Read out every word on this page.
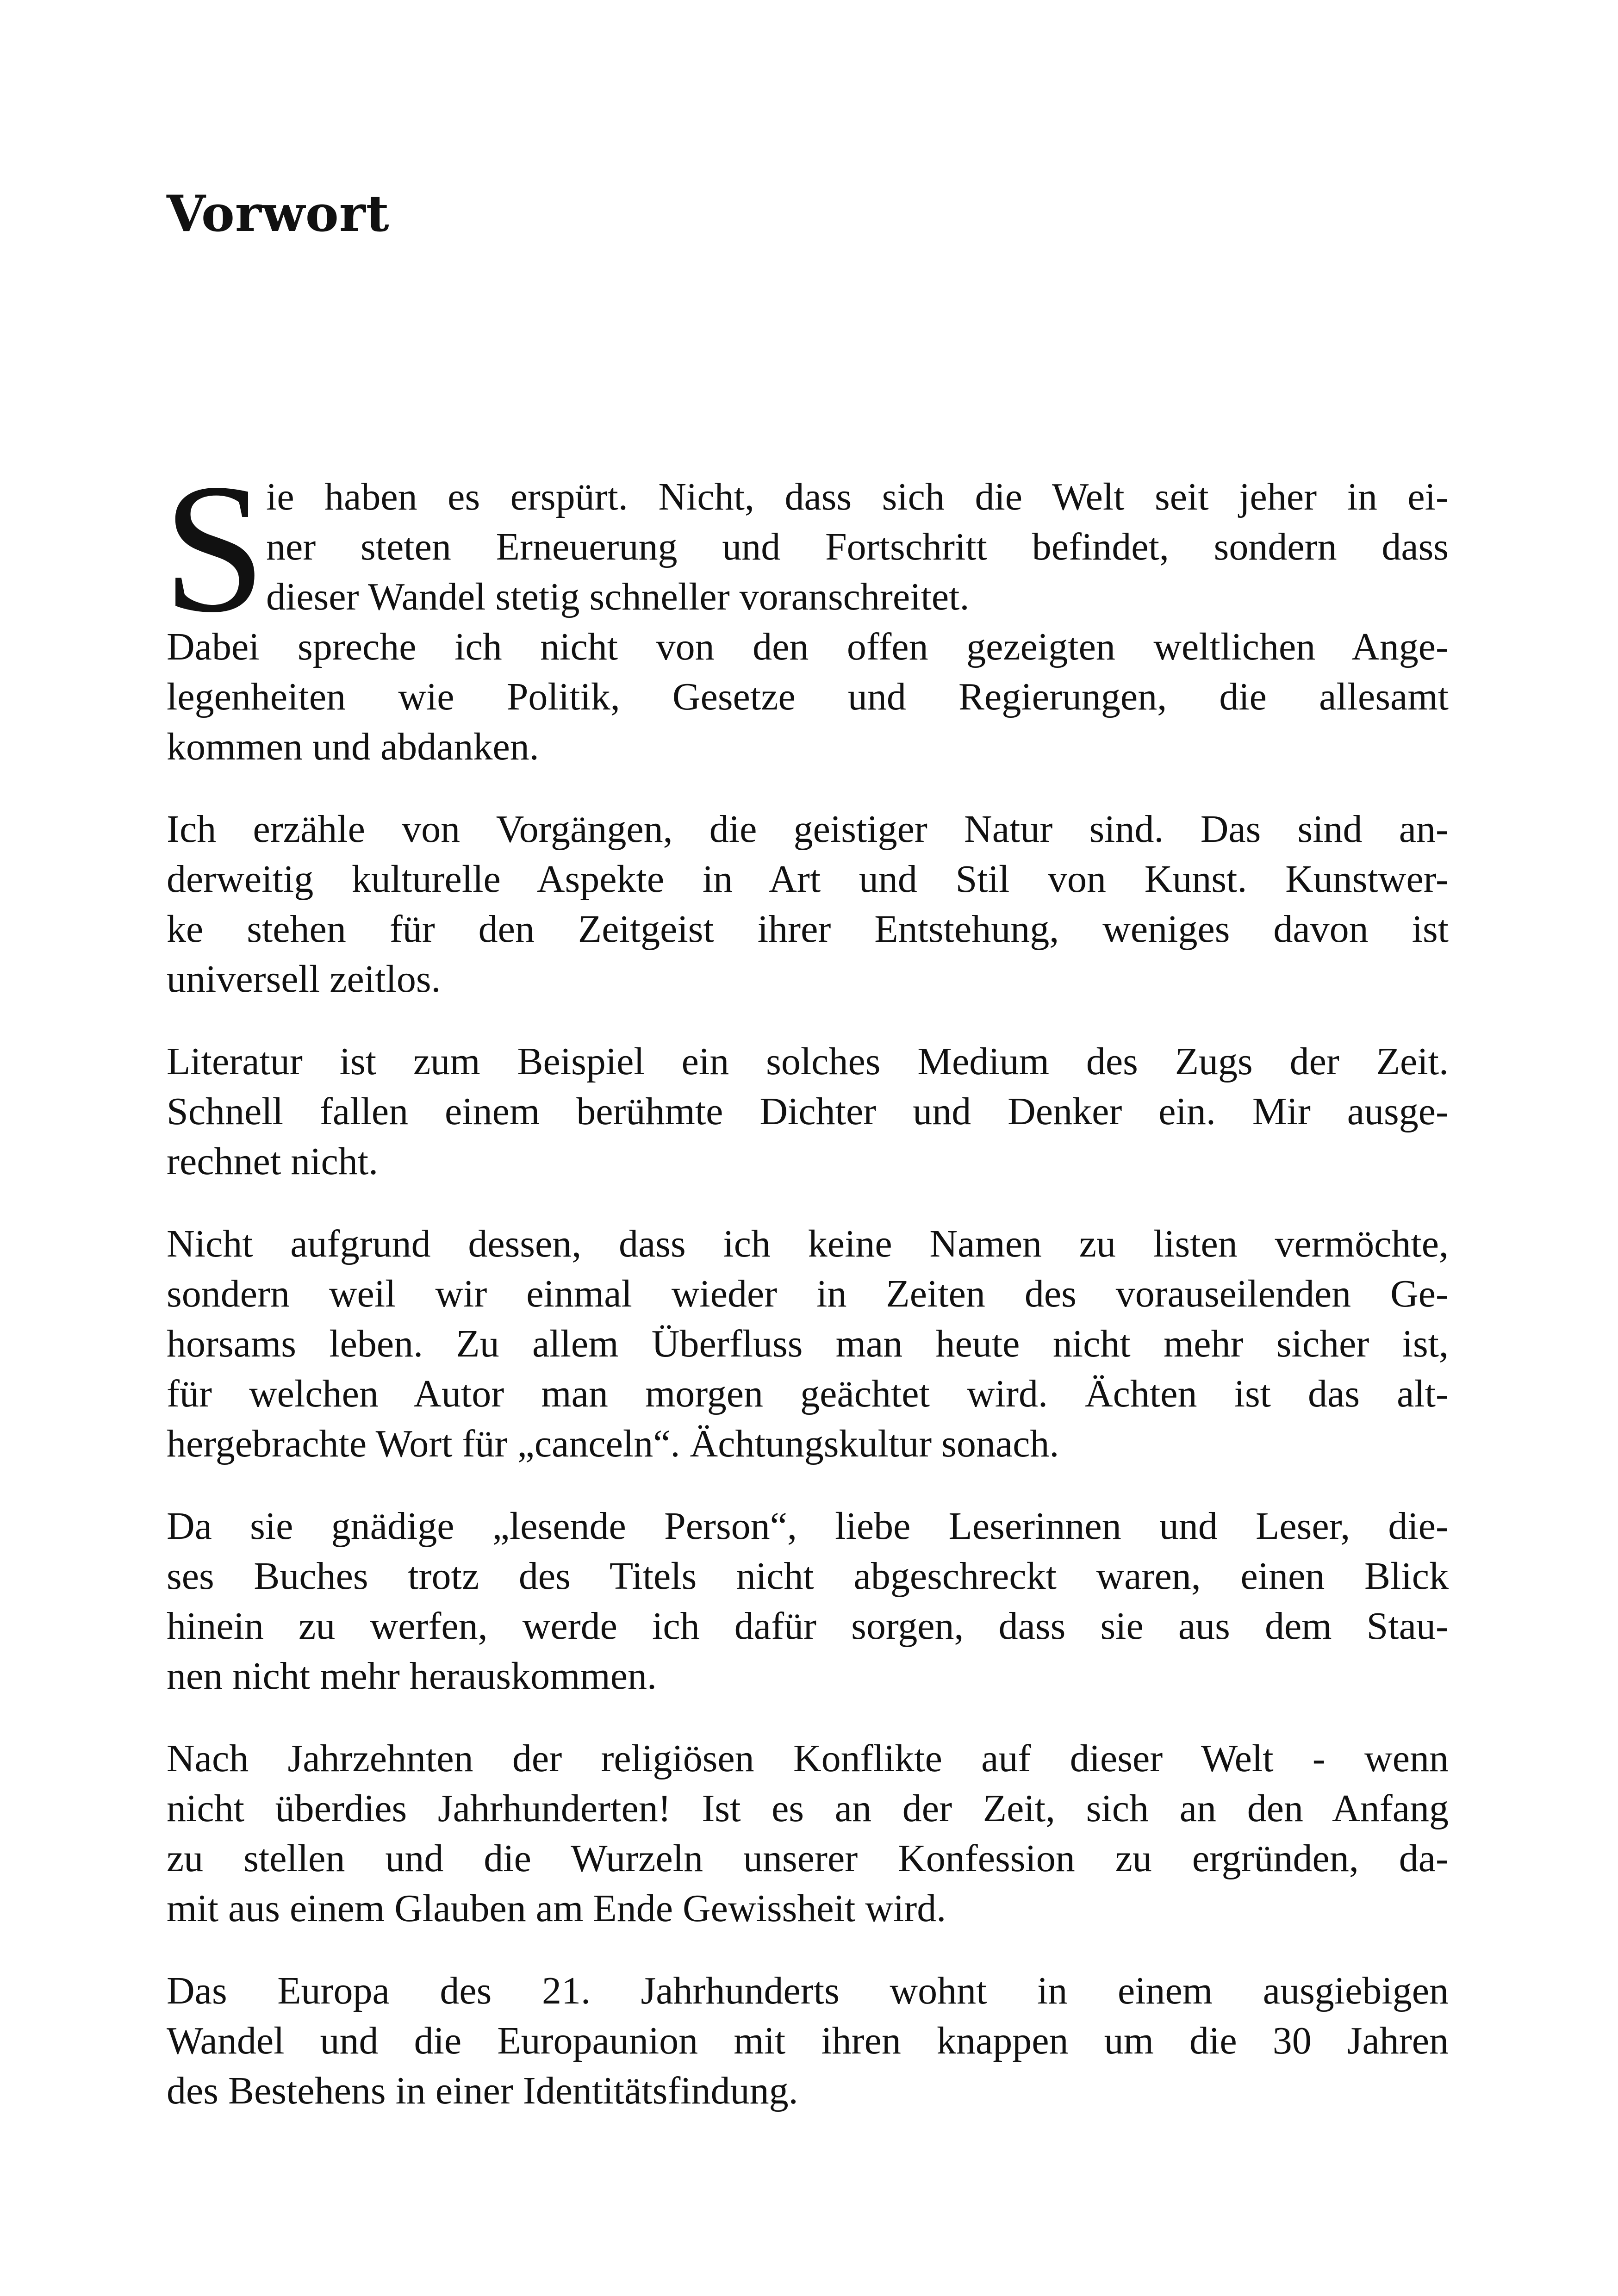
Vorwort
S ie haben es erspürt. Nicht, dass sich die Welt seit jeher in ei-
ner steten Erneuerung und Fortschritt befindet, sondern dass
dieser Wandel stetig schneller voranschreitet.
Dabei spreche ich nicht von den offen gezeigten weltlichen Ange-
legenheiten wie Politik, Gesetze und Regierungen, die allesamt
kommen und abdanken.
Ich erzähle von Vorgängen, die geistiger Natur sind. Das sind an-
derweitig kulturelle Aspekte in Art und Stil von Kunst. Kunstwer-
ke stehen für den Zeitgeist ihrer Entstehung, weniges davon ist
universell zeitlos.
Literatur ist zum Beispiel ein solches Medium des Zugs der Zeit.
Schnell fallen einem berühmte Dichter und Denker ein. Mir ausge-
rechnet nicht.
Nicht aufgrund dessen, dass ich keine Namen zu listen vermöchte,
sondern weil wir einmal wieder in Zeiten des vorauseilenden Ge-
horsams leben. Zu allem Überfluss man heute nicht mehr sicher ist,
für welchen Autor man morgen geächtet wird. Ächten ist das alt-
hergebrachte Wort für „canceln“. Ächtungskultur sonach.
Da sie gnädige „lesende Person“, liebe Leserinnen und Leser, die-
ses Buches trotz des Titels nicht abgeschreckt waren, einen Blick
hinein zu werfen, werde ich dafür sorgen, dass sie aus dem Stau-
nen nicht mehr herauskommen.
Nach Jahrzehnten der religiösen Konflikte auf dieser Welt - wenn
nicht überdies Jahrhunderten! Ist es an der Zeit, sich an den Anfang
zu stellen und die Wurzeln unserer Konfession zu ergründen, da-
mit aus einem Glauben am Ende Gewissheit wird.
Das Europa des 21. Jahrhunderts wohnt in einem ausgiebigen
Wandel und die Europaunion mit ihren knappen um die 30 Jahren
des Bestehens in einer Identitätsfindung.
